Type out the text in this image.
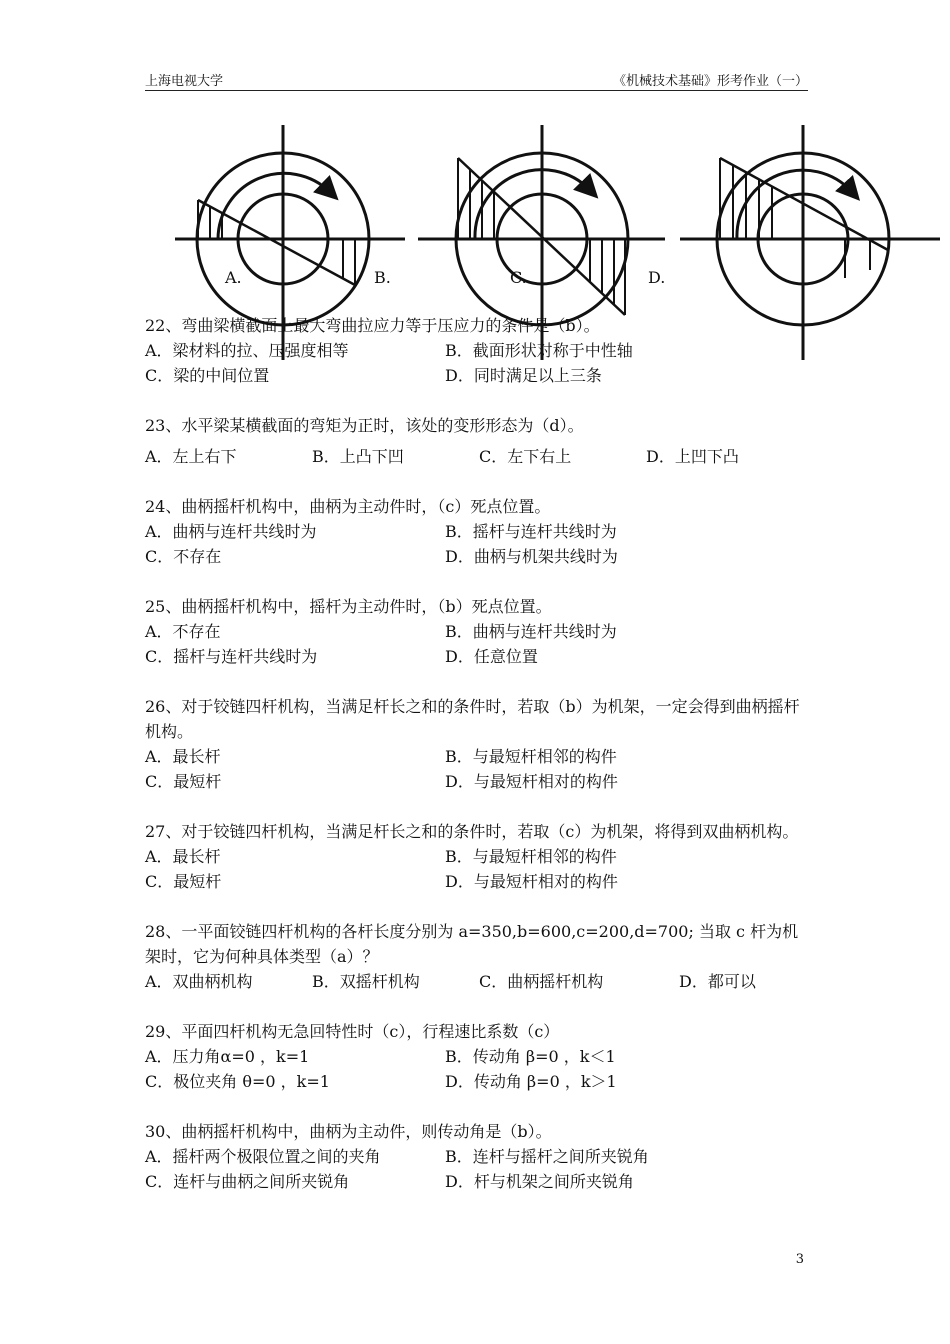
上海电视大学	《机械技术基础》形考作业（一）
A.	B.	C.	D.
22、弯曲梁横截面上最大弯曲拉应力等于压应力的条件是（b）。
A．梁材料的拉、压强度相等	B．截面形状对称于中性轴
C．梁的中间位置	D．同时满足以上三条
23、水平梁某横截面的弯矩为正时，该处的变形形态为（d）。
A．左上右下	B．上凸下凹	C．左下右上	D．上凹下凸
24、曲柄摇杆机构中，曲柄为主动件时，（c）死点位置。
A．曲柄与连杆共线时为	B．摇杆与连杆共线时为
C．不存在	D．曲柄与机架共线时为
25、曲柄摇杆机构中，摇杆为主动件时，（b）死点位置。
A．不存在	B．曲柄与连杆共线时为
C．摇杆与连杆共线时为	D．任意位置
26、对于铰链四杆机构，当满足杆长之和的条件时，若取（b）为机架，一定会得到曲柄摇杆机构。
A．最长杆	B．与最短杆相邻的构件
C．最短杆	D．与最短杆相对的构件
27、对于铰链四杆机构，当满足杆长之和的条件时，若取（c）为机架，将得到双曲柄机构。
A．最长杆	B．与最短杆相邻的构件
C．最短杆	D．与最短杆相对的构件
28、一平面铰链四杆机构的各杆长度分别为 a=350,b=600,c=200,d=700; 当取 c 杆为机架时，它为何种具体类型（a）？
A．双曲柄机构	B．双摇杆机构	C．曲柄摇杆机构	D．都可以
29、平面四杆机构无急回特性时（c），行程速比系数（c）
A．压力角α=0 ，k=1	B．传动角 β=0 ，k＜1
C．极位夹角 θ=0 ，k=1	D．传动角 β=0 ，k＞1
30、曲柄摇杆机构中，曲柄为主动件，则传动角是（b）。
A．摇杆两个极限位置之间的夹角	B．连杆与摇杆之间所夹锐角
C．连杆与曲柄之间所夹锐角	D．杆与机架之间所夹锐角
3
